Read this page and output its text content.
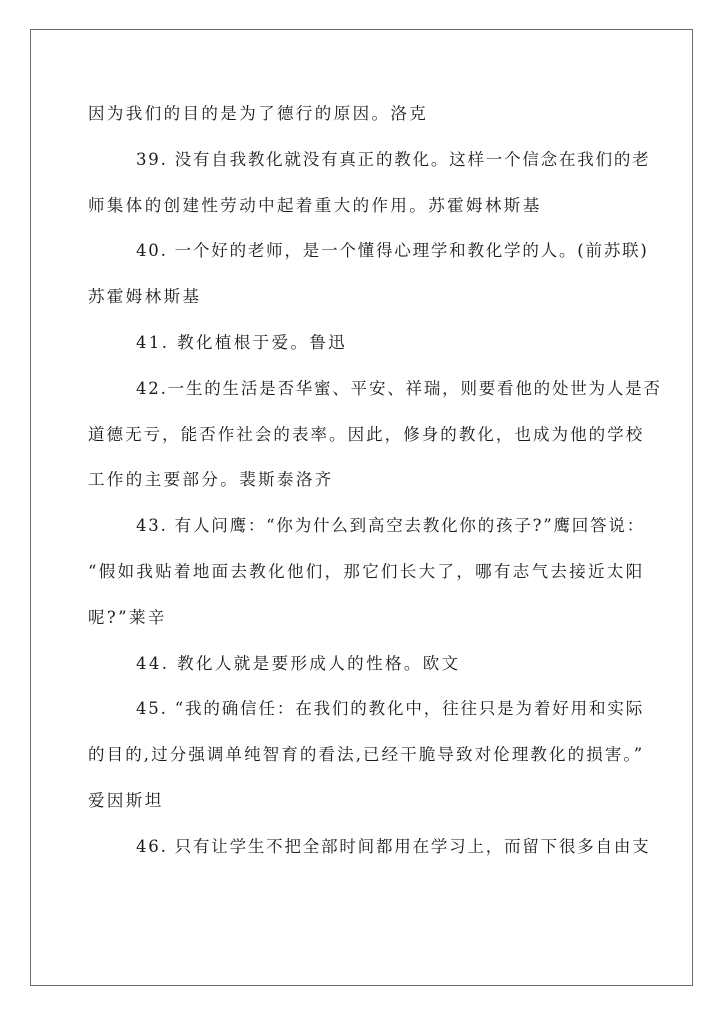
因为我们的目的是为了德行的原因。洛克
39. 没有自我教化就没有真正的教化。这样一个信念在我们的老
师集体的创建性劳动中起着重大的作用。苏霍姆林斯基
40. 一个好的老师，是一个懂得心理学和教化学的人。(前苏联)
苏霍姆林斯基
41. 教化植根于爱。鲁迅
42.一生的生活是否华蜜、平安、祥瑞，则要看他的处世为人是否
道德无亏，能否作社会的表率。因此，修身的教化，也成为他的学校
工作的主要部分。裴斯泰洛齐
43. 有人问鹰：“你为什么到高空去教化你的孩子?”鹰回答说：
“假如我贴着地面去教化他们，那它们长大了，哪有志气去接近太阳
呢?”莱辛
44. 教化人就是要形成人的性格。欧文
45. “我的确信任：在我们的教化中，往往只是为着好用和实际
的目的,过分强调单纯智育的看法,已经干脆导致对伦理教化的损害。”
爱因斯坦
46. 只有让学生不把全部时间都用在学习上，而留下很多自由支
